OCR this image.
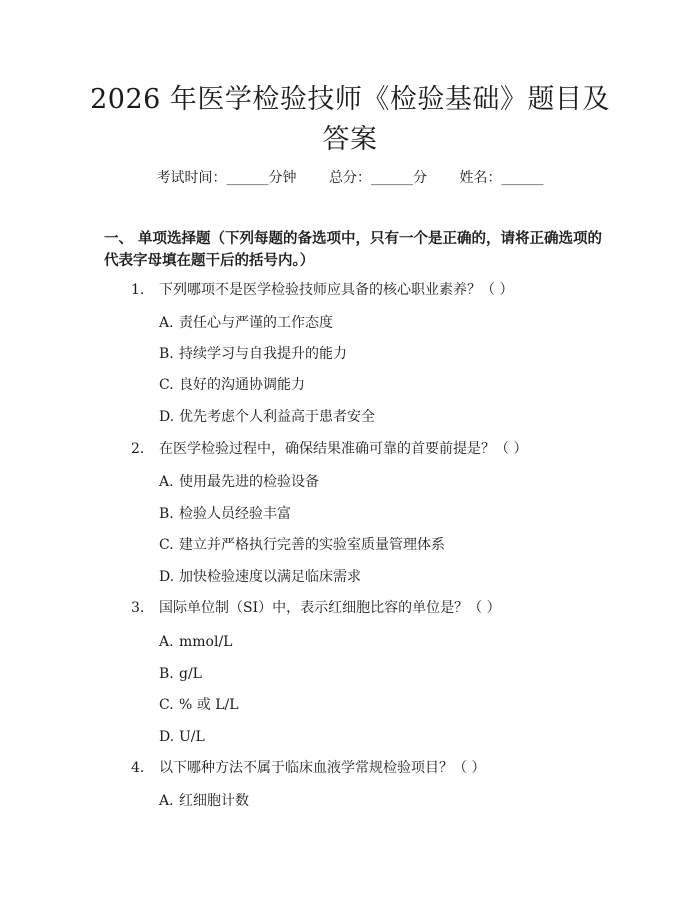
2026 年医学检验技师《检验基础》题目及答案
考试时间：______分钟 总分：______分 姓名：______
一、 单项选择题（下列每题的备选项中，只有一个是正确的，请将正确选项的代表字母填在题干后的括号内。）
1. 下列哪项不是医学检验技师应具备的核心职业素养？（ ）
A. 责任心与严谨的工作态度
B. 持续学习与自我提升的能力
C. 良好的沟通协调能力
D. 优先考虑个人利益高于患者安全
2. 在医学检验过程中，确保结果准确可靠的首要前提是？（ ）
A. 使用最先进的检验设备
B. 检验人员经验丰富
C. 建立并严格执行完善的实验室质量管理体系
D. 加快检验速度以满足临床需求
3. 国际单位制（SI）中，表示红细胞比容的单位是？（ ）
A. mmol/L
B. g/L
C. % 或 L/L
D. U/L
4. 以下哪种方法不属于临床血液学常规检验项目？（ ）
A. 红细胞计数
